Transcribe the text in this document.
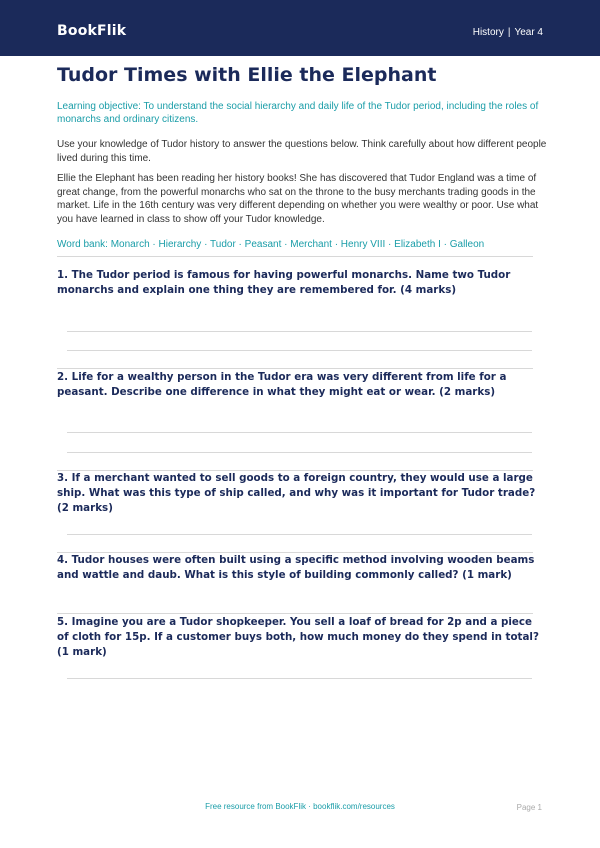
BookFlik	History | Year 4
Tudor Times with Ellie the Elephant
Learning objective: To understand the social hierarchy and daily life of the Tudor period, including the roles of monarchs and ordinary citizens.
Use your knowledge of Tudor history to answer the questions below. Think carefully about how different people lived during this time.
Ellie the Elephant has been reading her history books! She has discovered that Tudor England was a time of great change, from the powerful monarchs who sat on the throne to the busy merchants trading goods in the market. Life in the 16th century was very different depending on whether you were wealthy or poor. Use what you have learned in class to show off your Tudor knowledge.
Word bank: Monarch · Hierarchy · Tudor · Peasant · Merchant · Henry VIII · Elizabeth I · Galleon
1. The Tudor period is famous for having powerful monarchs. Name two Tudor monarchs and explain one thing they are remembered for. (4 marks)
2. Life for a wealthy person in the Tudor era was very different from life for a peasant. Describe one difference in what they might eat or wear. (2 marks)
3. If a merchant wanted to sell goods to a foreign country, they would use a large ship. What was this type of ship called, and why was it important for Tudor trade? (2 marks)
4. Tudor houses were often built using a specific method involving wooden beams and wattle and daub. What is this style of building commonly called? (1 mark)
5. Imagine you are a Tudor shopkeeper. You sell a loaf of bread for 2p and a piece of cloth for 15p. If a customer buys both, how much money do they spend in total? (1 mark)
Free resource from BookFlik · bookflik.com/resources	Page 1
